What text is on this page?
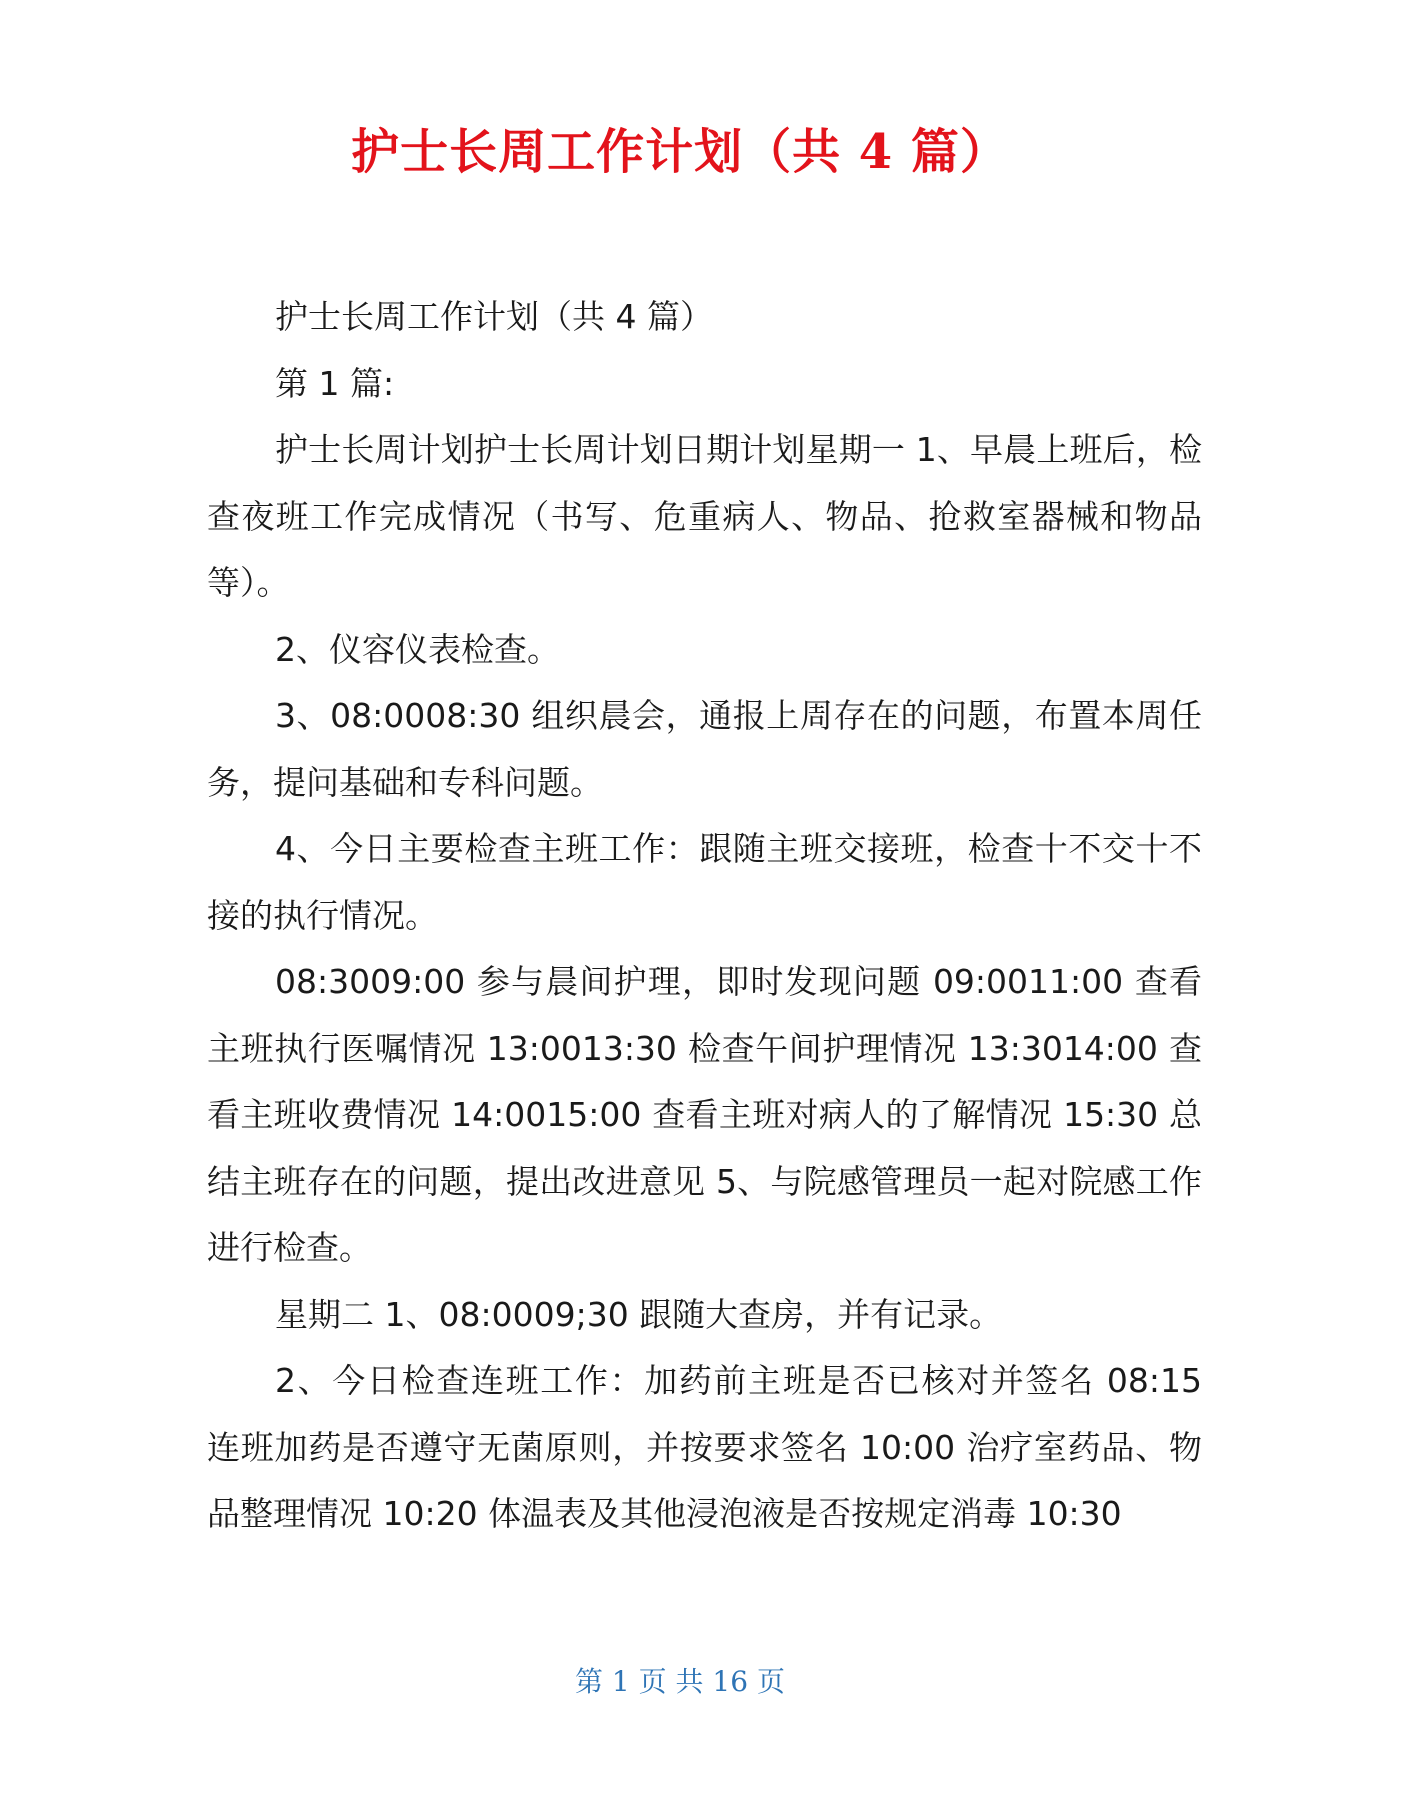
护士长周工作计划（共 4 篇）

护士长周工作计划（共 4 篇）

第 1 篇:

护士长周计划护士长周计划日期计划星期一 1、早晨上班后，检查夜班工作完成情况（书写、危重病人、物品、抢救室器械和物品等）。

2、仪容仪表检查。

3、08:0008:30 组织晨会，通报上周存在的问题，布置本周任务，提问基础和专科问题。

4、今日主要检查主班工作：跟随主班交接班，检查十不交十不接的执行情况。

08:3009:00 参与晨间护理，即时发现问题 09:0011:00 查看主班执行医嘱情况 13:0013:30 检查午间护理情况 13:3014:00 查看主班收费情况 14:0015:00 查看主班对病人的了解情况 15:30 总结主班存在的问题，提出改进意见 5、与院感管理员一起对院感工作进行检查。

星期二 1、08:0009;30 跟随大查房，并有记录。

2、今日检查连班工作：加药前主班是否已核对并签名 08:15 连班加药是否遵守无菌原则，并按要求签名 10:00 治疗室药品、物品整理情况 10:20 体温表及其他浸泡液是否按规定消毒 10:30

第 1 页 共 16 页
